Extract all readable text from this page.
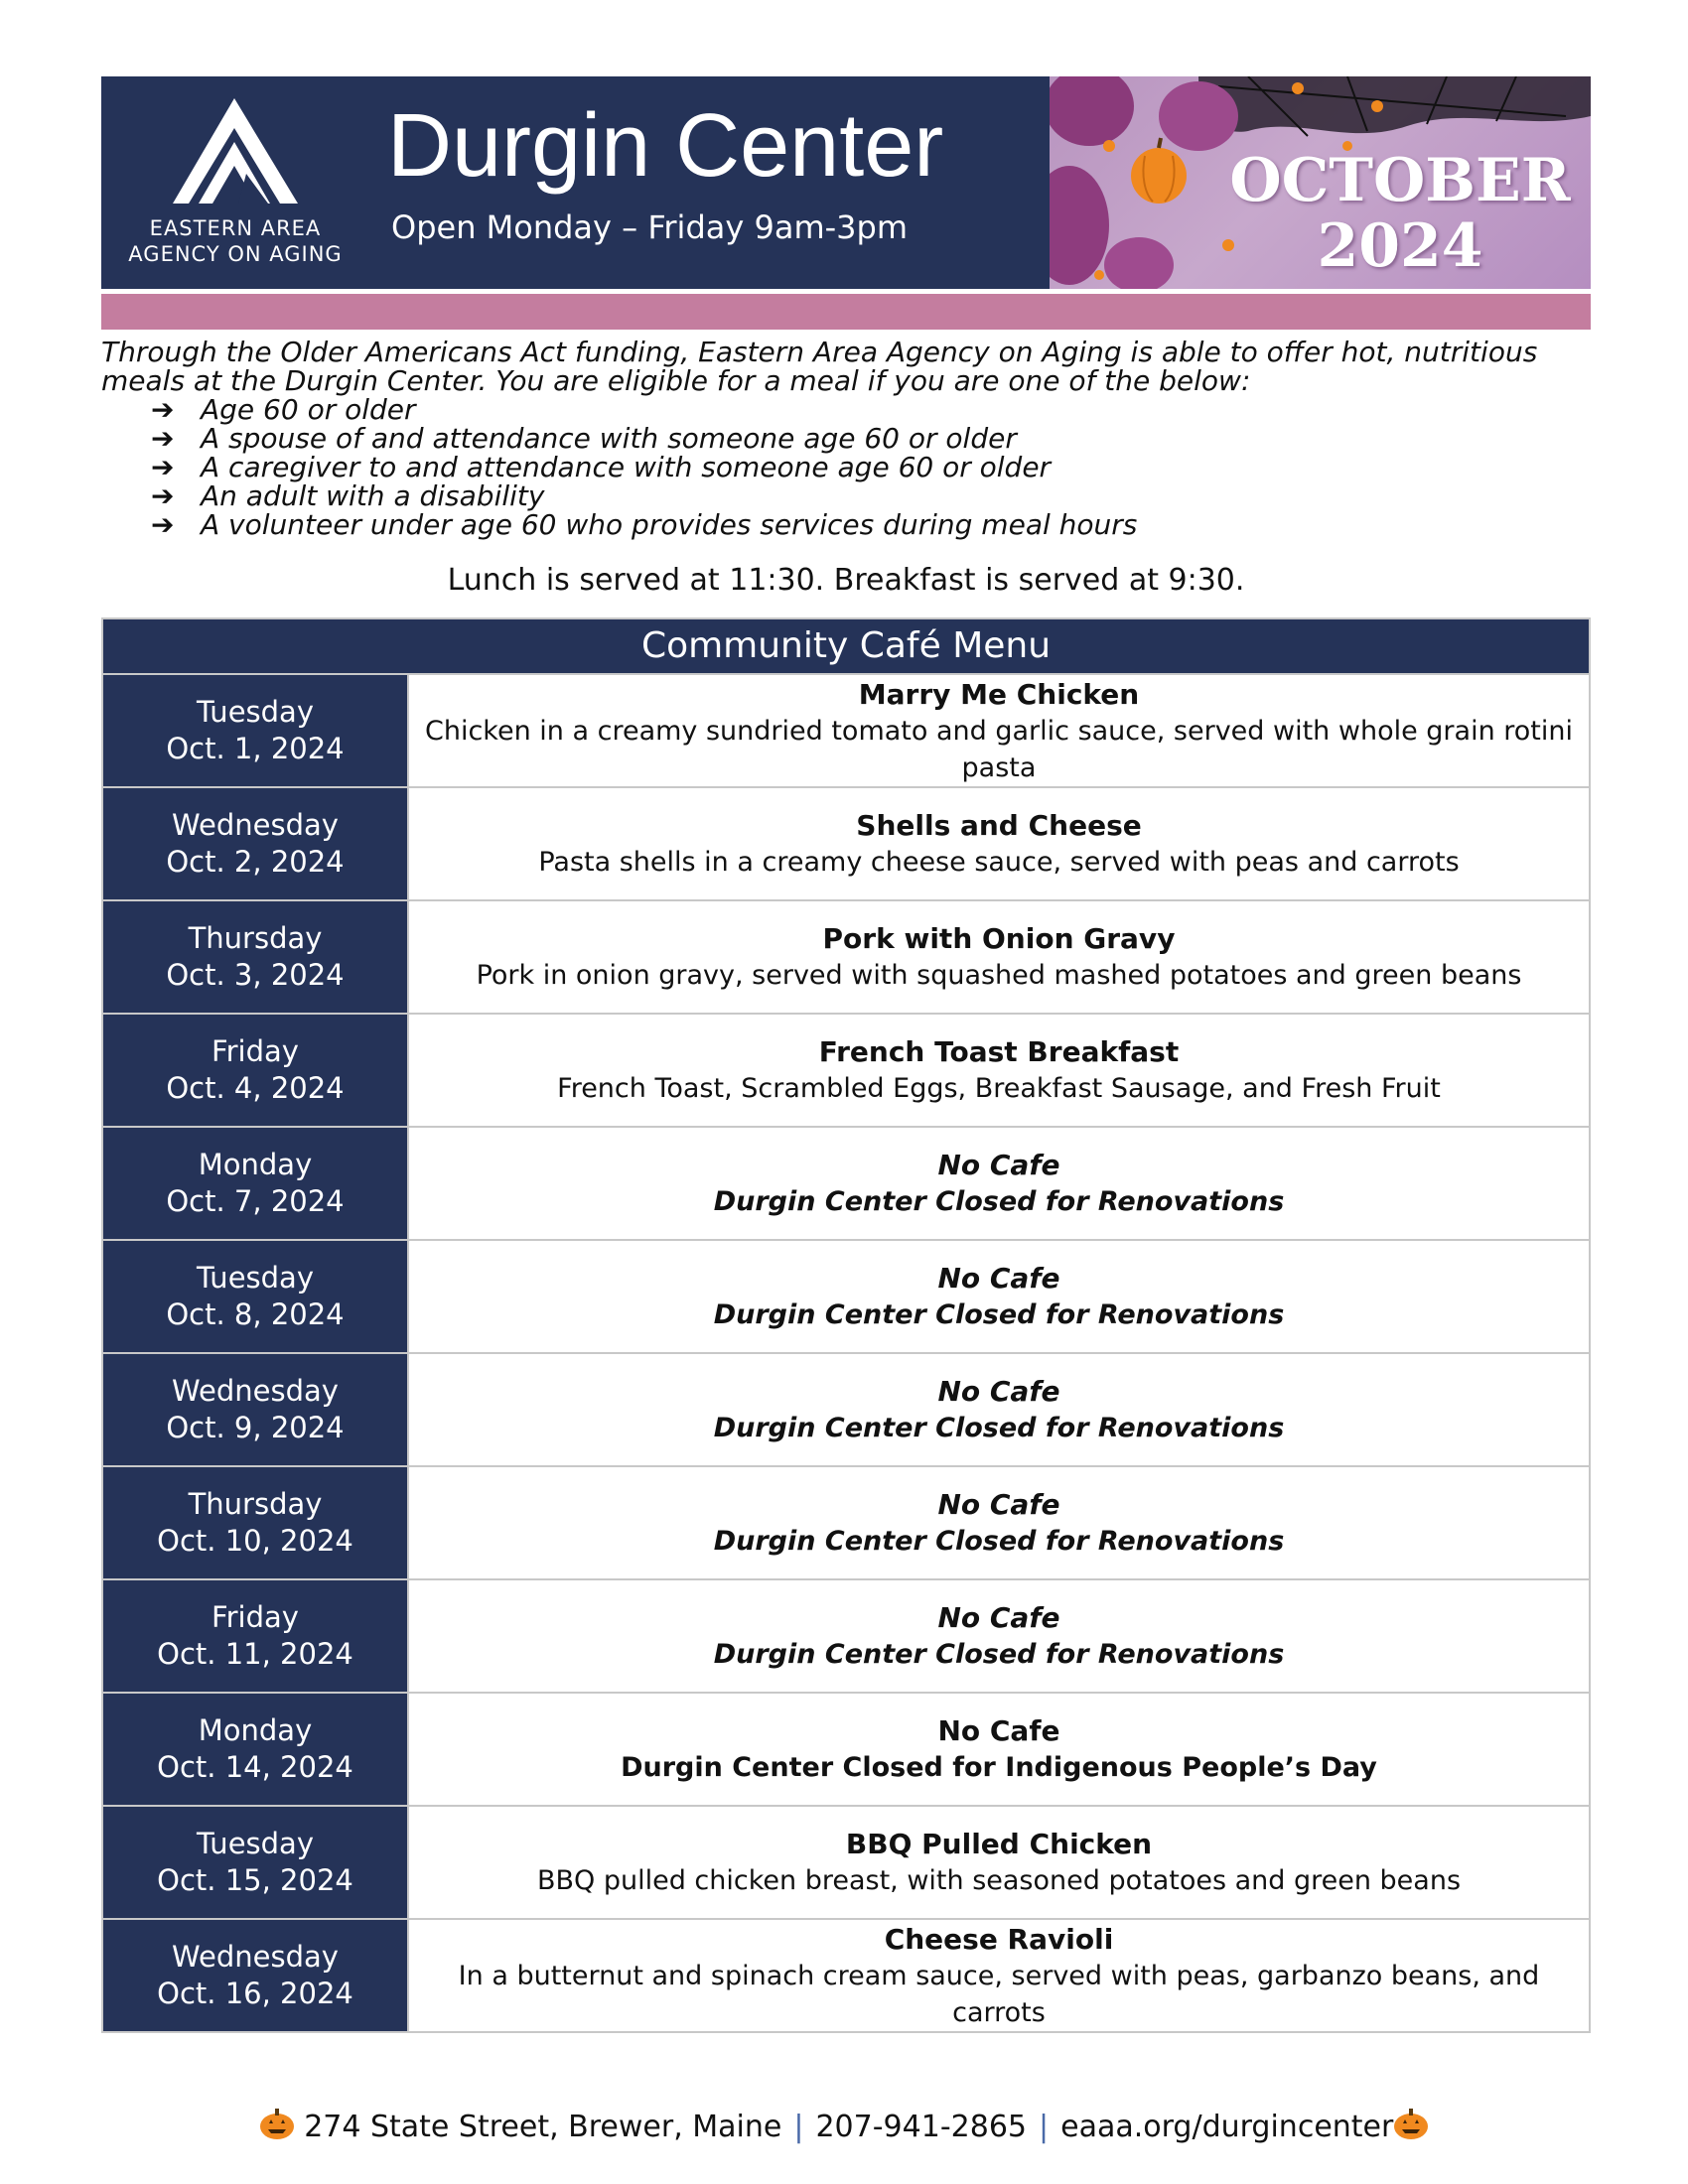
EASTERN AREA
AGENCY ON AGING
Durgin Center
Open Monday – Friday 9am-3pm
OCTOBER
2024
Through the Older Americans Act funding, Eastern Area Agency on Aging is able to offer hot, nutritious meals at the Durgin Center. You are eligible for a meal if you are one of the below:
➔ Age 60 or older
➔ A spouse of and attendance with someone age 60 or older
➔ A caregiver to and attendance with someone age 60 or older
➔ An adult with a disability
➔ A volunteer under age 60 who provides services during meal hours
Lunch is served at 11:30. Breakfast is served at 9:30.
Community Café Menu
Tuesday
Oct. 1, 2024
Marry Me Chicken
Chicken in a creamy sundried tomato and garlic sauce, served with whole grain rotini pasta
Wednesday
Oct. 2, 2024
Shells and Cheese
Pasta shells in a creamy cheese sauce, served with peas and carrots
Thursday
Oct. 3, 2024
Pork with Onion Gravy
Pork in onion gravy, served with squashed mashed potatoes and green beans
Friday
Oct. 4, 2024
French Toast Breakfast
French Toast, Scrambled Eggs, Breakfast Sausage, and Fresh Fruit
Monday
Oct. 7, 2024
No Cafe
Durgin Center Closed for Renovations
Tuesday
Oct. 8, 2024
No Cafe
Durgin Center Closed for Renovations
Wednesday
Oct. 9, 2024
No Cafe
Durgin Center Closed for Renovations
Thursday
Oct. 10, 2024
No Cafe
Durgin Center Closed for Renovations
Friday
Oct. 11, 2024
No Cafe
Durgin Center Closed for Renovations
Monday
Oct. 14, 2024
No Cafe
Durgin Center Closed for Indigenous People’s Day
Tuesday
Oct. 15, 2024
BBQ Pulled Chicken
BBQ pulled chicken breast, with seasoned potatoes and green beans
Wednesday
Oct. 16, 2024
Cheese Ravioli
In a butternut and spinach cream sauce, served with peas, garbanzo beans, and carrots
274 State Street, Brewer, Maine | 207-941-2865 | eaaa.org/durgincenter
